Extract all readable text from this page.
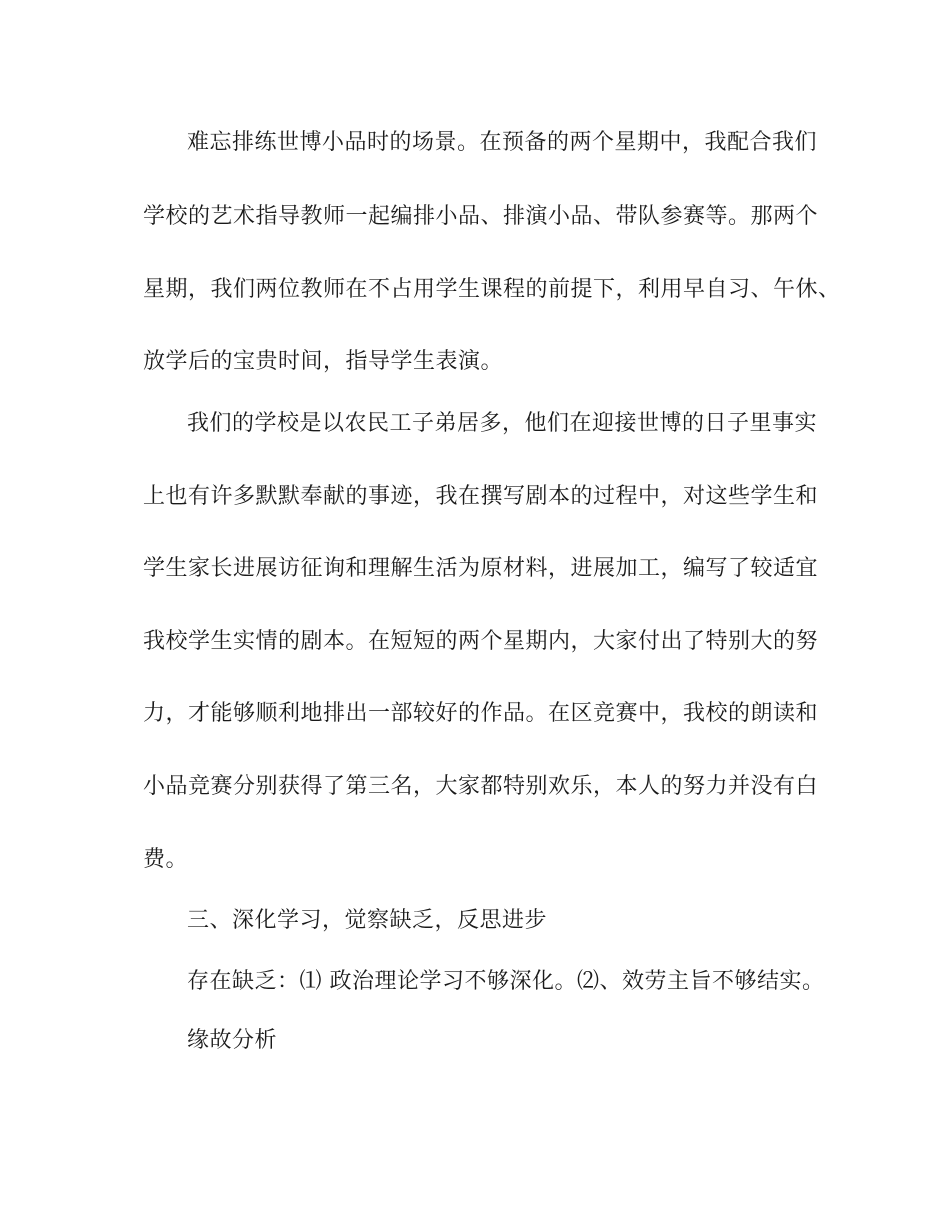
难忘排练世博小品时的场景。在预备的两个星期中，我配合我们
学校的艺术指导教师一起编排小品、排演小品、带队参赛等。那两个
星期，我们两位教师在不占用学生课程的前提下，利用早自习、午休、
放学后的宝贵时间，指导学生表演。
我们的学校是以农民工子弟居多，他们在迎接世博的日子里事实
上也有许多默默奉献的事迹，我在撰写剧本的过程中，对这些学生和
学生家长进展访征询和理解生活为原材料，进展加工，编写了较适宜
我校学生实情的剧本。在短短的两个星期内，大家付出了特别大的努
力，才能够顺利地排出一部较好的作品。在区竞赛中，我校的朗读和
小品竞赛分别获得了第三名，大家都特别欢乐，本人的努力并没有白
费。
三、深化学习，觉察缺乏，反思进步
存在缺乏：⑴ 政治理论学习不够深化。⑵、效劳主旨不够结实。
缘故分析
